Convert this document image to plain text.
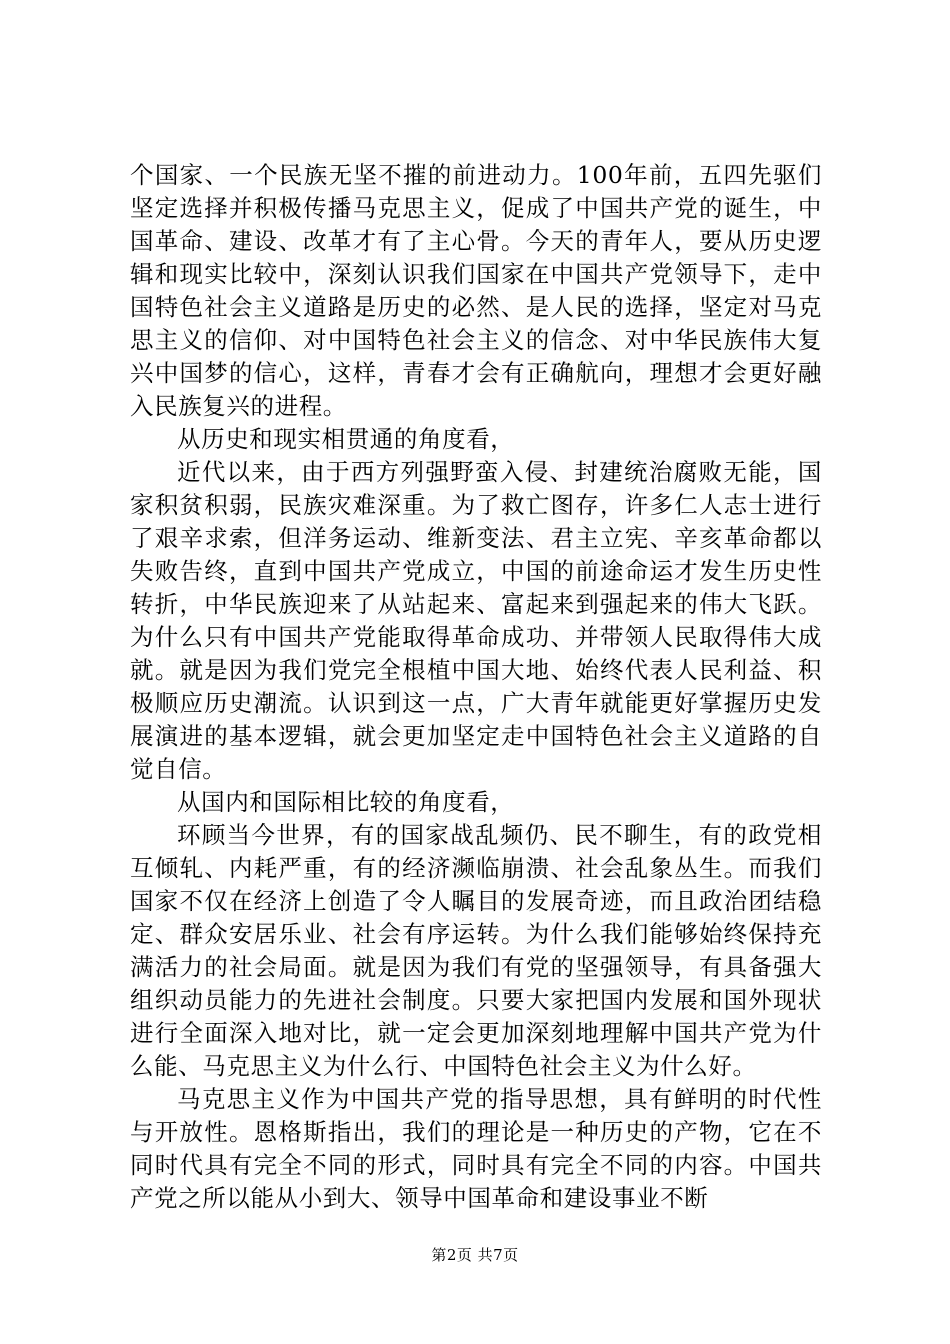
个国家、一个民族无坚不摧的前进动力。100年前，五四先驱们坚定选择并积极传播马克思主义，促成了中国共产党的诞生，中国革命、建设、改革才有了主心骨。今天的青年人，要从历史逻辑和现实比较中，深刻认识我们国家在中国共产党领导下，走中国特色社会主义道路是历史的必然、是人民的选择，坚定对马克思主义的信仰、对中国特色社会主义的信念、对中华民族伟大复兴中国梦的信心，这样，青春才会有正确航向，理想才会更好融入民族复兴的进程。

从历史和现实相贯通的角度看，

近代以来，由于西方列强野蛮入侵、封建统治腐败无能，国家积贫积弱，民族灾难深重。为了救亡图存，许多仁人志士进行了艰辛求索，但洋务运动、维新变法、君主立宪、辛亥革命都以失败告终，直到中国共产党成立，中国的前途命运才发生历史性转折，中华民族迎来了从站起来、富起来到强起来的伟大飞跃。为什么只有中国共产党能取得革命成功、并带领人民取得伟大成就。就是因为我们党完全根植中国大地、始终代表人民利益、积极顺应历史潮流。认识到这一点，广大青年就能更好掌握历史发展演进的基本逻辑，就会更加坚定走中国特色社会主义道路的自觉自信。

从国内和国际相比较的角度看，

环顾当今世界，有的国家战乱频仍、民不聊生，有的政党相互倾轧、内耗严重，有的经济濒临崩溃、社会乱象丛生。而我们国家不仅在经济上创造了令人瞩目的发展奇迹，而且政治团结稳定、群众安居乐业、社会有序运转。为什么我们能够始终保持充满活力的社会局面。就是因为我们有党的坚强领导，有具备强大组织动员能力的先进社会制度。只要大家把国内发展和国外现状进行全面深入地对比，就一定会更加深刻地理解中国共产党为什么能、马克思主义为什么行、中国特色社会主义为什么好。

马克思主义作为中国共产党的指导思想，具有鲜明的时代性与开放性。恩格斯指出，我们的理论是一种历史的产物，它在不同时代具有完全不同的形式，同时具有完全不同的内容。中国共产党之所以能从小到大、领导中国革命和建设事业不断

第2页 共7页
